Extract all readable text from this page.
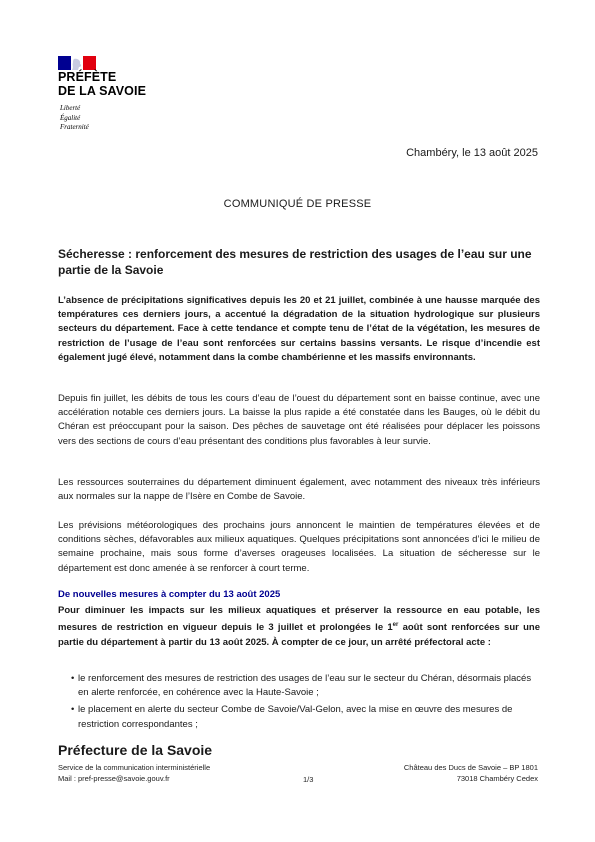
PRÉFÈTE
DE LA SAVOIE
Liberté
Égalité
Fraternité
Chambéry, le 13 août 2025
COMMUNIQUÉ DE PRESSE
Sécheresse : renforcement des mesures de restriction des usages de l’eau sur une partie de la Savoie
L’absence de précipitations significatives depuis les 20 et 21 juillet, combinée à une hausse marquée des températures ces derniers jours, a accentué la dégradation de la situation hydrologique sur plusieurs secteurs du département. Face à cette tendance et compte tenu de l’état de la végétation, les mesures de restriction de l’usage de l’eau sont renforcées sur certains bassins versants. Le risque d’incendie est également jugé élevé, notamment dans la combe chambérienne et les massifs environnants.
Depuis fin juillet, les débits de tous les cours d’eau de l’ouest du département sont en baisse continue, avec une accélération notable ces derniers jours. La baisse la plus rapide a été constatée dans les Bauges, où le débit du Chéran est préoccupant pour la saison. Des pêches de sauvetage ont été réalisées pour déplacer les poissons vers des sections de cours d’eau présentant des conditions plus favorables à leur survie.
Les ressources souterraines du département diminuent également, avec notamment des niveaux très inférieurs aux normales sur la nappe de l’Isère en Combe de Savoie.
Les prévisions météorologiques des prochains jours annoncent le maintien de températures élevées et de conditions sèches, défavorables aux milieux aquatiques. Quelques précipitations sont annoncées d’ici le milieu de semaine prochaine, mais sous forme d’averses orageuses localisées. La situation de sécheresse sur le département est donc amenée à se renforcer à court terme.
De nouvelles mesures à compter du 13 août 2025
Pour diminuer les impacts sur les milieux aquatiques et préserver la ressource en eau potable, les mesures de restriction en vigueur depuis le 3 juillet et prolongées le 1er août sont renforcées sur une partie du département à partir du 13 août 2025. À compter de ce jour, un arrêté préfectoral acte :
• le renforcement des mesures de restriction des usages de l’eau sur le secteur du Chéran, désormais placés en alerte renforcée, en cohérence avec la Haute-Savoie ;
• le placement en alerte du secteur Combe de Savoie/Val-Gelon, avec la mise en œuvre des mesures de restriction correspondantes ;
Préfecture de la Savoie
Service de la communication interministérielle
Mail : pref-presse@savoie.gouv.fr	1/3
Château des Ducs de Savoie – BP 1801
73018 Chambéry Cedex
